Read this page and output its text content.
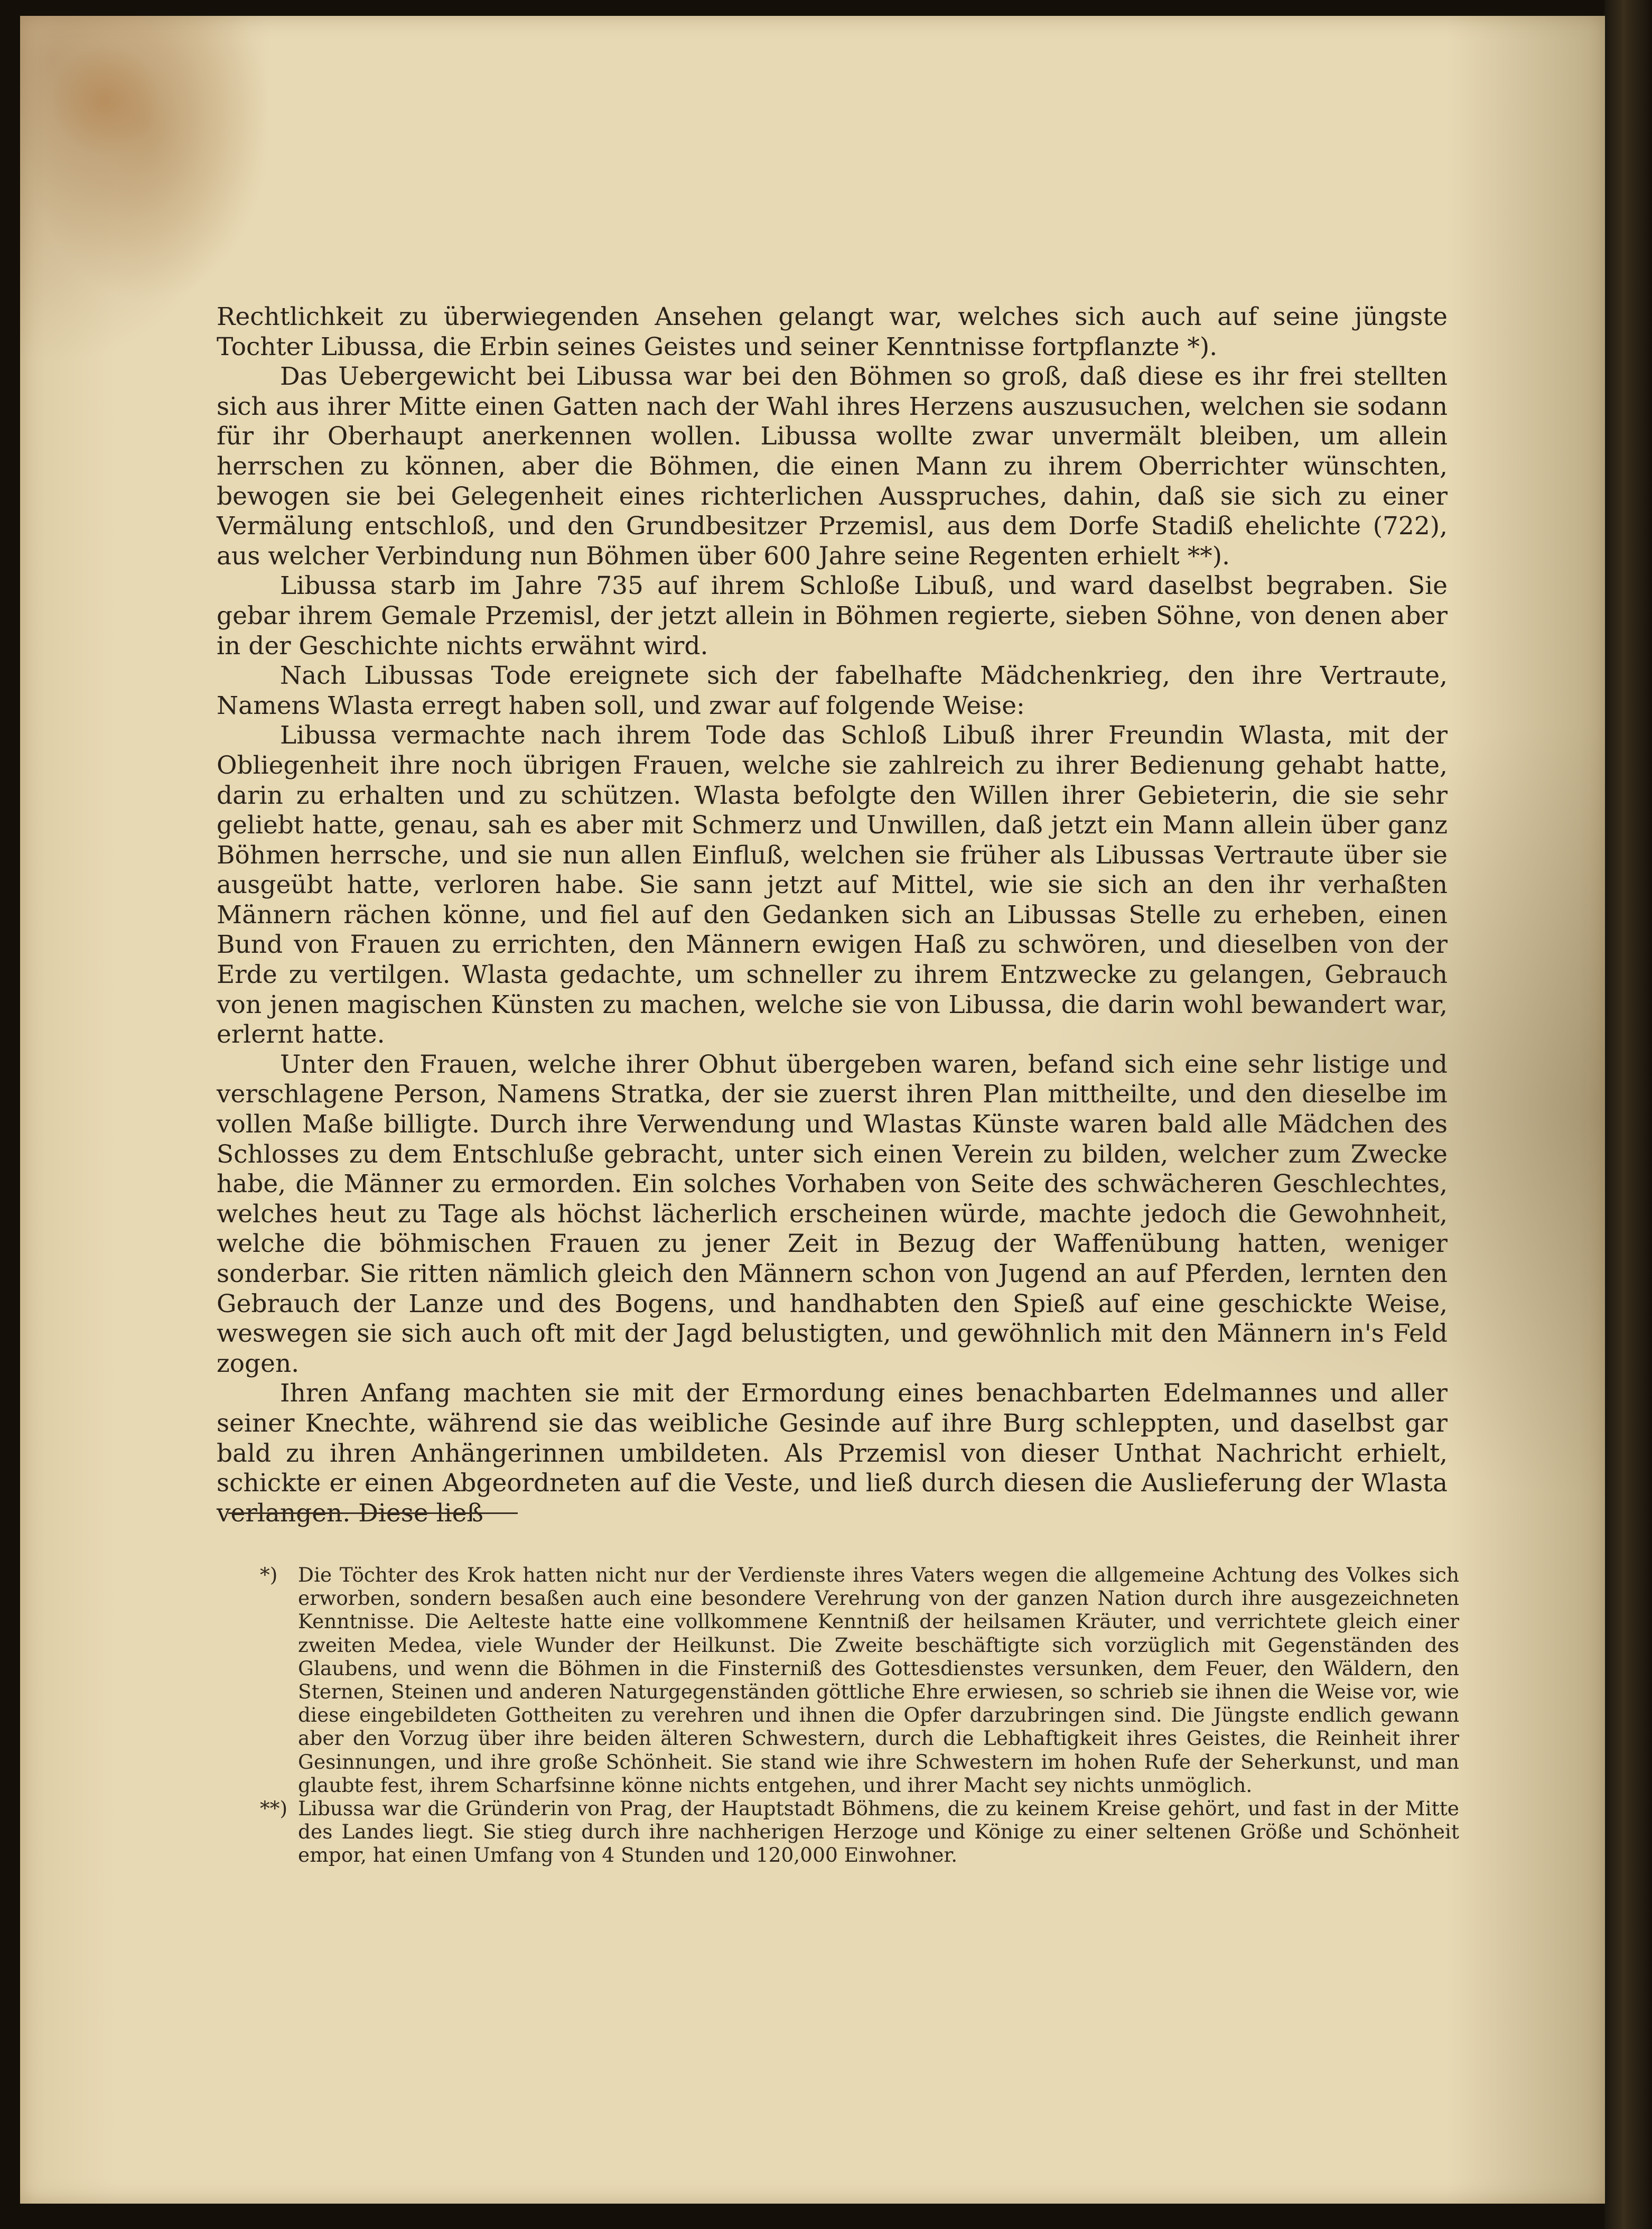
Rechtlichkeit zu überwiegenden Ansehen gelangt war, welches sich auch auf seine jüngste Tochter Libussa, die Erbin seines Geistes und seiner Kenntnisse fortpflanzte *).

Das Uebergewicht bei Libussa war bei den Böhmen so groß, daß diese es ihr frei stellten sich aus ihrer Mitte einen Gatten nach der Wahl ihres Herzens auszusuchen, welchen sie sodann für ihr Oberhaupt anerkennen wollen. Libussa wollte zwar unvermält bleiben, um allein herrschen zu können, aber die Böhmen, die einen Mann zu ihrem Oberrichter wünschten, bewogen sie bei Gelegenheit eines richterlichen Ausspruches, dahin, daß sie sich zu einer Vermälung entschloß, und den Grundbesitzer Przemisl, aus dem Dorfe Stadiß ehelichte (722), aus welcher Verbindung nun Böhmen über 600 Jahre seine Regenten erhielt **).

Libussa starb im Jahre 735 auf ihrem Schloße Libuß, und ward daselbst begraben. Sie gebar ihrem Gemale Przemisl, der jetzt allein in Böhmen regierte, sieben Söhne, von denen aber in der Geschichte nichts erwähnt wird.

Nach Libussas Tode ereignete sich der fabelhafte Mädchenkrieg, den ihre Vertraute, Namens Wlasta erregt haben soll, und zwar auf folgende Weise:

Libussa vermachte nach ihrem Tode das Schloß Libuß ihrer Freundin Wlasta, mit der Obliegenheit ihre noch übrigen Frauen, welche sie zahlreich zu ihrer Bedienung gehabt hatte, darin zu erhalten und zu schützen. Wlasta befolgte den Willen ihrer Gebieterin, die sie sehr geliebt hatte, genau, sah es aber mit Schmerz und Unwillen, daß jetzt ein Mann allein über ganz Böhmen herrsche, und sie nun allen Einfluß, welchen sie früher als Libussas Vertraute über sie ausgeübt hatte, verloren habe. Sie sann jetzt auf Mittel, wie sie sich an den ihr verhaßten Männern rächen könne, und fiel auf den Gedanken sich an Libussas Stelle zu erheben, einen Bund von Frauen zu errichten, den Männern ewigen Haß zu schwören, und dieselben von der Erde zu vertilgen. Wlasta gedachte, um schneller zu ihrem Entzwecke zu gelangen, Gebrauch von jenen magischen Künsten zu machen, welche sie von Libussa, die darin wohl bewandert war, erlernt hatte.

Unter den Frauen, welche ihrer Obhut übergeben waren, befand sich eine sehr listige und verschlagene Person, Namens Stratka, der sie zuerst ihren Plan mittheilte, und den dieselbe im vollen Maße billigte. Durch ihre Verwendung und Wlastas Künste waren bald alle Mädchen des Schlosses zu dem Entschluße gebracht, unter sich einen Verein zu bilden, welcher zum Zwecke habe, die Männer zu ermorden. Ein solches Vorhaben von Seite des schwächeren Geschlechtes, welches heut zu Tage als höchst lächerlich erscheinen würde, machte jedoch die Gewohnheit, welche die böhmischen Frauen zu jener Zeit in Bezug der Waffenübung hatten, weniger sonderbar. Sie ritten nämlich gleich den Männern schon von Jugend an auf Pferden, lernten den Gebrauch der Lanze und des Bogens, und handhabten den Spieß auf eine geschickte Weise, weswegen sie sich auch oft mit der Jagd belustigten, und gewöhnlich mit den Männern in's Feld zogen.

Ihren Anfang machten sie mit der Ermordung eines benachbarten Edelmannes und aller seiner Knechte, während sie das weibliche Gesinde auf ihre Burg schleppten, und daselbst gar bald zu ihren Anhängerinnen umbildeten. Als Przemisl von dieser Unthat Nachricht erhielt, schickte er einen Abgeordneten auf die Veste, und ließ durch diesen die Auslieferung der Wlasta verlangen. Diese ließ

*) Die Töchter des Krok hatten nicht nur der Verdienste ihres Vaters wegen die allgemeine Achtung des Volkes sich erworben, sondern besaßen auch eine besondere Verehrung von der ganzen Nation durch ihre ausgezeichneten Kenntnisse. Die Aelteste hatte eine vollkommene Kenntniß der heilsamen Kräuter, und verrichtete gleich einer zweiten Medea, viele Wunder der Heilkunst. Die Zweite beschäftigte sich vorzüglich mit Gegenständen des Glaubens, und wenn die Böhmen in die Finsterniß des Gottesdienstes versunken, dem Feuer, den Wäldern, den Sternen, Steinen und anderen Naturgegenständen göttliche Ehre erwiesen, so schrieb sie ihnen die Weise vor, wie diese eingebildeten Gottheiten zu verehren und ihnen die Opfer darzubringen sind. Die Jüngste endlich gewann aber den Vorzug über ihre beiden älteren Schwestern, durch die Lebhaftigkeit ihres Geistes, die Reinheit ihrer Gesinnungen, und ihre große Schönheit. Sie stand wie ihre Schwestern im hohen Rufe der Seherkunst, und man glaubte fest, ihrem Scharfsinne könne nichts entgehen, und ihrer Macht sey nichts unmöglich.

**) Libussa war die Gründerin von Prag, der Hauptstadt Böhmens, die zu keinem Kreise gehört, und fast in der Mitte des Landes liegt. Sie stieg durch ihre nachherigen Herzoge und Könige zu einer seltenen Größe und Schönheit empor, hat einen Umfang von 4 Stunden und 120,000 Einwohner.
